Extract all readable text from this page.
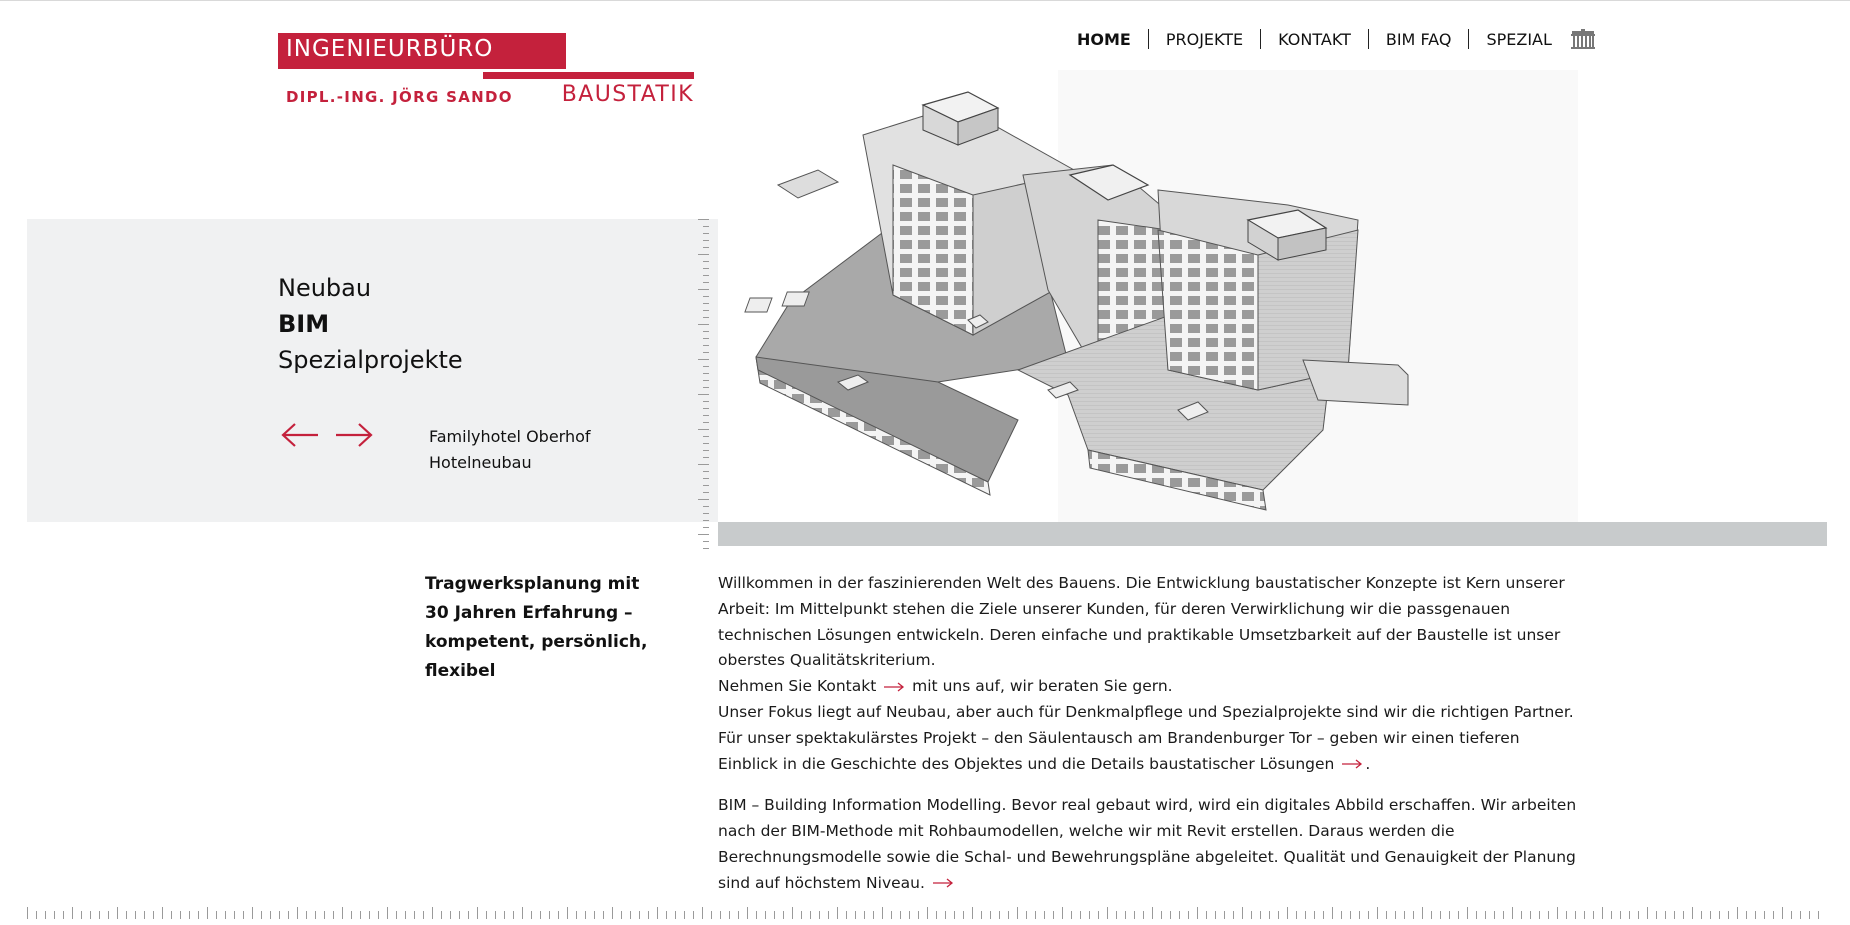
INGENIEURBÜRO
DIPL.-ING. JÖRG SANDO BAUSTATIK
HOME	PROJEKTE	KONTAKT	BIM FAQ	SPEZIAL
Neubau
BIM
Spezialprojekte
Familyhotel Oberhof
Hotelneubau
Tragwerksplanung mit 30 Jahren Erfahrung – kompetent, persönlich, flexibel

Willkommen in der faszinierenden Welt des Bauens. Die Entwicklung baustatischer Konzepte ist Kern unserer Arbeit: Im Mittelpunkt stehen die Ziele unserer Kunden, für deren Verwirklichung wir die passgenauen technischen Lösungen entwickeln. Deren einfache und praktikable Umsetzbarkeit auf der Baustelle ist unser oberstes Qualitätskriterium.
Nehmen Sie Kontakt mit uns auf, wir beraten Sie gern.

Unser Fokus liegt auf Neubau, aber auch für Denkmalpflege und Spezialprojekte sind wir die richtigen Partner. Für unser spektakulärstes Projekt – den Säulentausch am Brandenburger Tor – geben wir einen tieferen Einblick in die Geschichte des Objektes und die Details baustatischer Lösungen .

BIM – Building Information Modelling. Bevor real gebaut wird, wird ein digitales Abbild erschaffen. Wir arbeiten nach der BIM-Methode mit Rohbaumodellen, welche wir mit Revit erstellen. Daraus werden die Berechnungsmodelle sowie die Schal- und Bewehrungspläne abgeleitet. Qualität und Genauigkeit der Planung sind auf höchstem Niveau.
